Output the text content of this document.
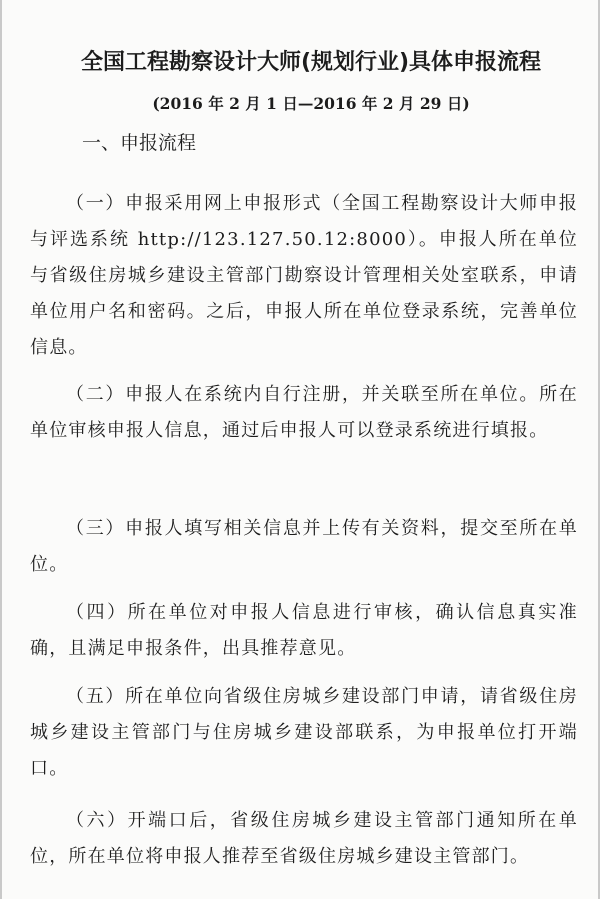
全国工程勘察设计大师(规划行业)具体申报流程
(2016 年 2 月 1 日—2016 年 2 月 29 日)
一、申报流程

（一）申报采用网上申报形式（全国工程勘察设计大师申报与评选系统 http://123.127.50.12:8000）。申报人所在单位与省级住房城乡建设主管部门勘察设计管理相关处室联系，申请单位用户名和密码。之后，申报人所在单位登录系统，完善单位信息。

（二）申报人在系统内自行注册，并关联至所在单位。所在单位审核申报人信息，通过后申报人可以登录系统进行填报。

（三）申报人填写相关信息并上传有关资料，提交至所在单位。

（四）所在单位对申报人信息进行审核，确认信息真实准确，且满足申报条件，出具推荐意见。

（五）所在单位向省级住房城乡建设部门申请，请省级住房城乡建设主管部门与住房城乡建设部联系，为申报单位打开端口。

（六）开端口后，省级住房城乡建设主管部门通知所在单位，所在单位将申报人推荐至省级住房城乡建设主管部门。
